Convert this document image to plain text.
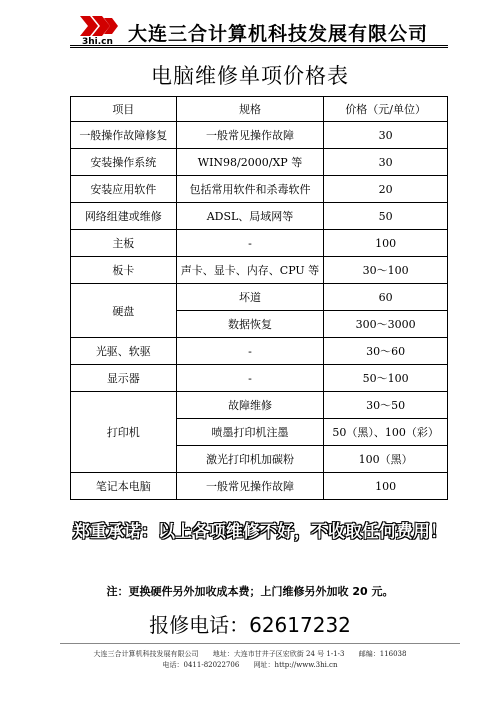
3hi.cn 大连三合计算机科技发展有限公司
电脑维修单项价格表
项目	规格	价格（元/单位）
一般操作故障修复	一般常见操作故障	30
安装操作系统	WIN98/2000/XP 等	30
安装应用软件	包括常用软件和杀毒软件	20
网络组建或维修	ADSL、局域网等	50
主板	-	100
板卡	声卡、显卡、内存、CPU 等	30～100
硬盘	坏道	60
	数据恢复	300～3000
光驱、软驱	-	30～60
显示器	-	50～100
打印机	故障维修	30～50
	喷墨打印机注墨	50（黑）、100（彩）
	激光打印机加碳粉	100（黑）
笔记本电脑	一般常见操作故障	100
郑重承诺：以上各项维修不好，不收取任何费用！
注：更换硬件另外加收成本费；上门维修另外加收 20 元。
报修电话：62617232
大连三合计算机科技发展有限公司 地址：大连市甘井子区宏欣街 24 号 1-1-3 邮编：116038
电话：0411-82022706 网址：http://www.3hi.cn
